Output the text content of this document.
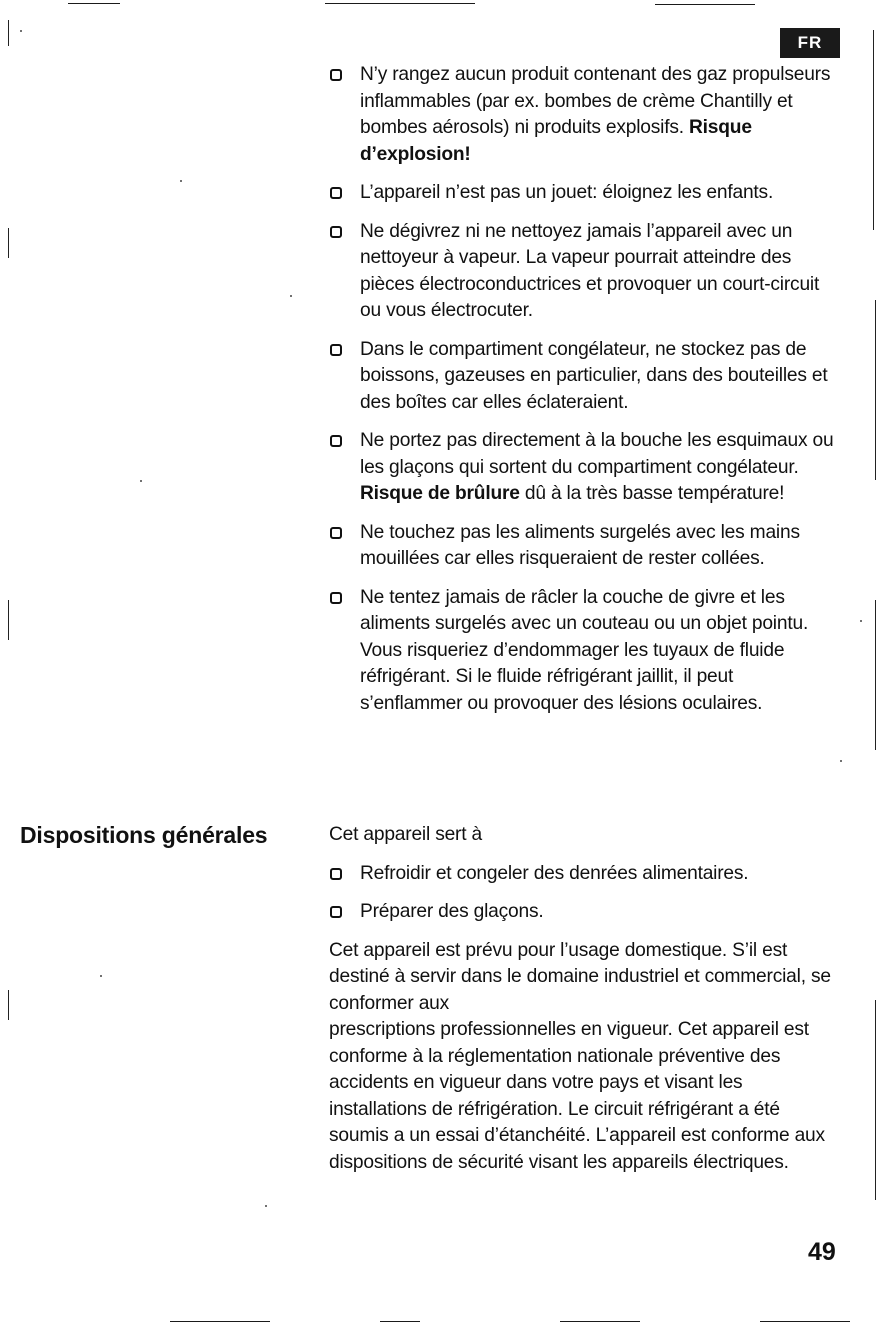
FR
N’y rangez aucun produit contenant des gaz propulseurs inflammables (par ex. bombes de crème Chantilly et bombes aérosols) ni produits explosifs. Risque d’explosion!
L’appareil n’est pas un jouet: éloignez les enfants.
Ne dégivrez ni ne nettoyez jamais l’appareil avec un nettoyeur à vapeur. La vapeur pourrait atteindre des pièces électroconductrices et provoquer un court-circuit ou vous électrocuter.
Dans le compartiment congélateur, ne stockez pas de boissons, gazeuses en particulier, dans des bouteilles et des boîtes car elles éclateraient.
Ne portez pas directement à la bouche les esquimaux ou les glaçons qui sortent du compartiment congélateur.
Risque de brûlure dû à la très basse température!
Ne touchez pas les aliments surgelés avec les mains mouillées car elles risqueraient de rester collées.
Ne tentez jamais de râcler la couche de givre et les aliments surgelés avec un couteau ou un objet pointu. Vous risqueriez d’endommager les tuyaux de fluide réfrigérant. Si le fluide réfrigérant jaillit, il peut s’enflammer ou provoquer des lésions oculaires.
Dispositions générales	Cet appareil sert à
Refroidir et congeler des denrées alimentaires.
Préparer des glaçons.
Cet appareil est prévu pour l’usage domestique. S’il est destiné à servir dans le domaine industriel et commercial, se conformer aux
prescriptions professionnelles en vigueur. Cet appareil est conforme à la réglementation nationale préventive des accidents en vigueur dans votre pays et visant les installations de réfrigération. Le circuit réfrigérant a été soumis a un essai d’étanchéité. L’appareil est conforme aux dispositions de sécurité visant les appareils électriques.
49
